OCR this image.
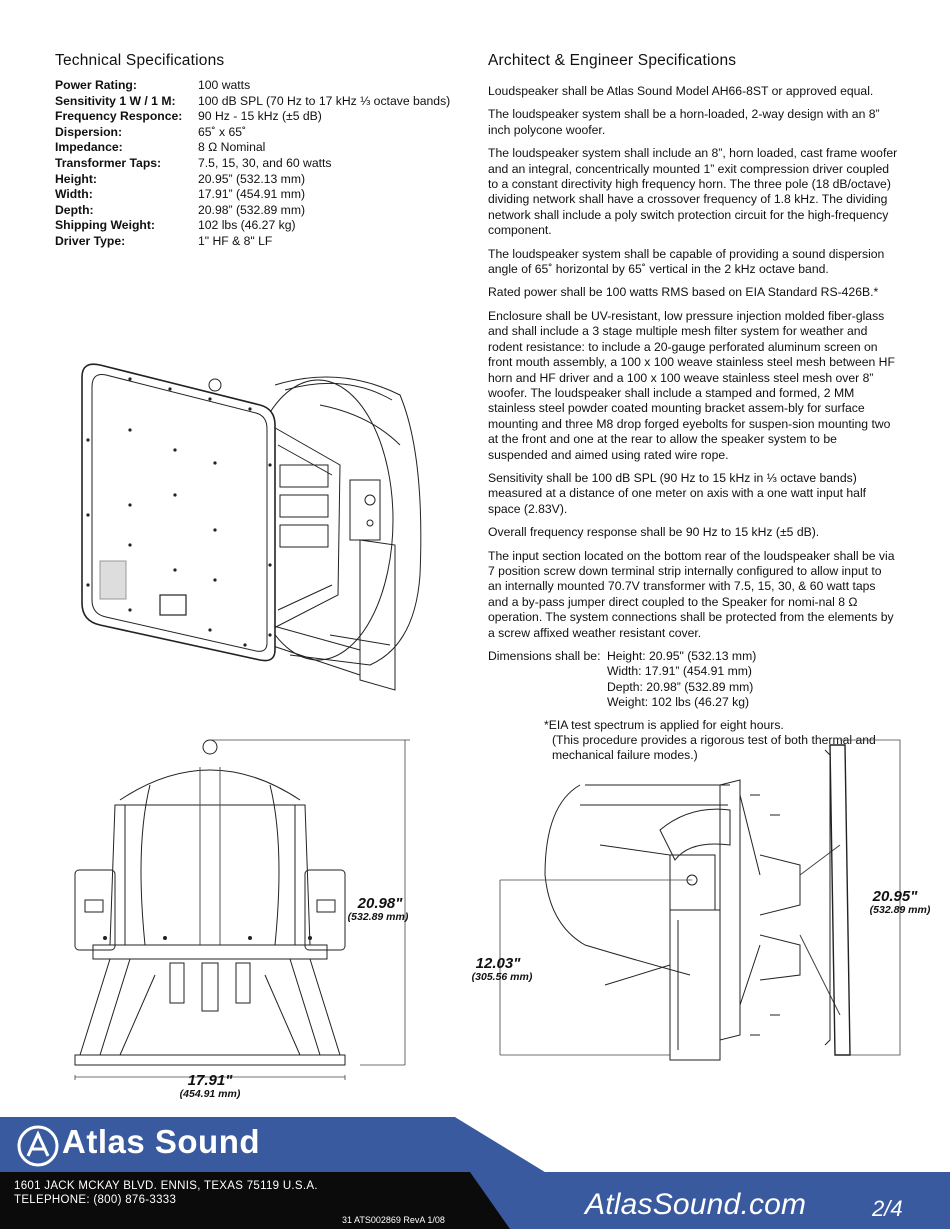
Technical Specifications
Power Rating:	100 watts
Sensitivity 1 W / 1 M:	100 dB SPL (70 Hz to 17 kHz ⅓ octave bands)
Frequency Responce:	90 Hz - 15 kHz (±5 dB)
Dispersion:	65˚ x 65˚
Impedance:	8 Ω Nominal
Transformer Taps:	7.5, 15, 30, and 60 watts
Height:	20.95” (532.13 mm)
Width:	17.91” (454.91 mm)
Depth:	20.98” (532.89 mm)
Shipping Weight:	102 lbs (46.27 kg)
Driver Type:	1" HF & 8" LF
Architect & Engineer Specifications

Loudspeaker shall be Atlas Sound Model AH66-8ST or approved equal.

The loudspeaker system shall be a horn-loaded, 2-way design with an 8” inch polycone woofer.

The loudspeaker system shall include an 8”, horn loaded, cast frame woofer and an integral, concentrically mounted 1” exit compression driver coupled to a constant directivity high frequency horn. The three pole (18 dB/octave) dividing network shall have a crossover frequency of 1.8 kHz. The dividing network shall include a poly switch protection circuit for the high-frequency component.

The loudspeaker system shall be capable of providing a sound dispersion angle of 65˚ horizontal by 65˚ vertical in the 2 kHz octave band.

Rated power shall be 100 watts RMS based on EIA Standard RS-426B.*

Enclosure shall be UV-resistant, low pressure injection molded fiber-glass and shall include a 3 stage multiple mesh filter system for weather and rodent resistance: to include a 20-gauge perforated aluminum screen on front mouth assembly, a 100 x 100 weave stainless steel mesh between HF horn and HF driver and a 100 x 100 weave stainless steel mesh over 8” woofer. The loudspeaker shall include a stamped and formed, 2 MM stainless steel powder coated mounting bracket assem-bly for surface mounting and three M8 drop forged eyebolts for suspen-sion mounting two at the front and one at the rear to allow the speaker system to be suspended and aimed using rated wire rope.

Sensitivity shall be 100 dB SPL (90 Hz to 15 kHz in ⅓ octave bands) measured at a distance of one meter on axis with a one watt input half space (2.83V).

Overall frequency response shall be 90 Hz to 15 kHz (±5 dB).

The input section located on the bottom rear of the loudspeaker shall be via 7 position screw down terminal strip internally configured to allow input to an internally mounted 70.7V transformer with 7.5, 15, 30, & 60 watt taps and a by-pass jumper direct coupled to the Speaker for nomi-nal 8 Ω operation. The system connections shall be protected from the elements by a screw affixed weather resistant cover.

Dimensions shall be: Height: 20.95" (532.13 mm)
Width: 17.91” (454.91 mm)
Depth: 20.98” (532.89 mm)
Weight: 102 lbs (46.27 kg)
*EIA test spectrum is applied for eight hours.
(This procedure provides a rigorous test of both thermal and mechanical failure modes.)
20.98"
(532.89 mm)
17.91"
(454.91 mm)
12.03"
(305.56 mm)
20.95"
(532.89 mm)
Atlas Sound
1601 JACK MCKAY BLVD. ENNIS, TEXAS 75119 U.S.A.
TELEPHONE: (800) 876-3333
31 ATS002869 RevA 1/08	AtlasSound.com	2/4
